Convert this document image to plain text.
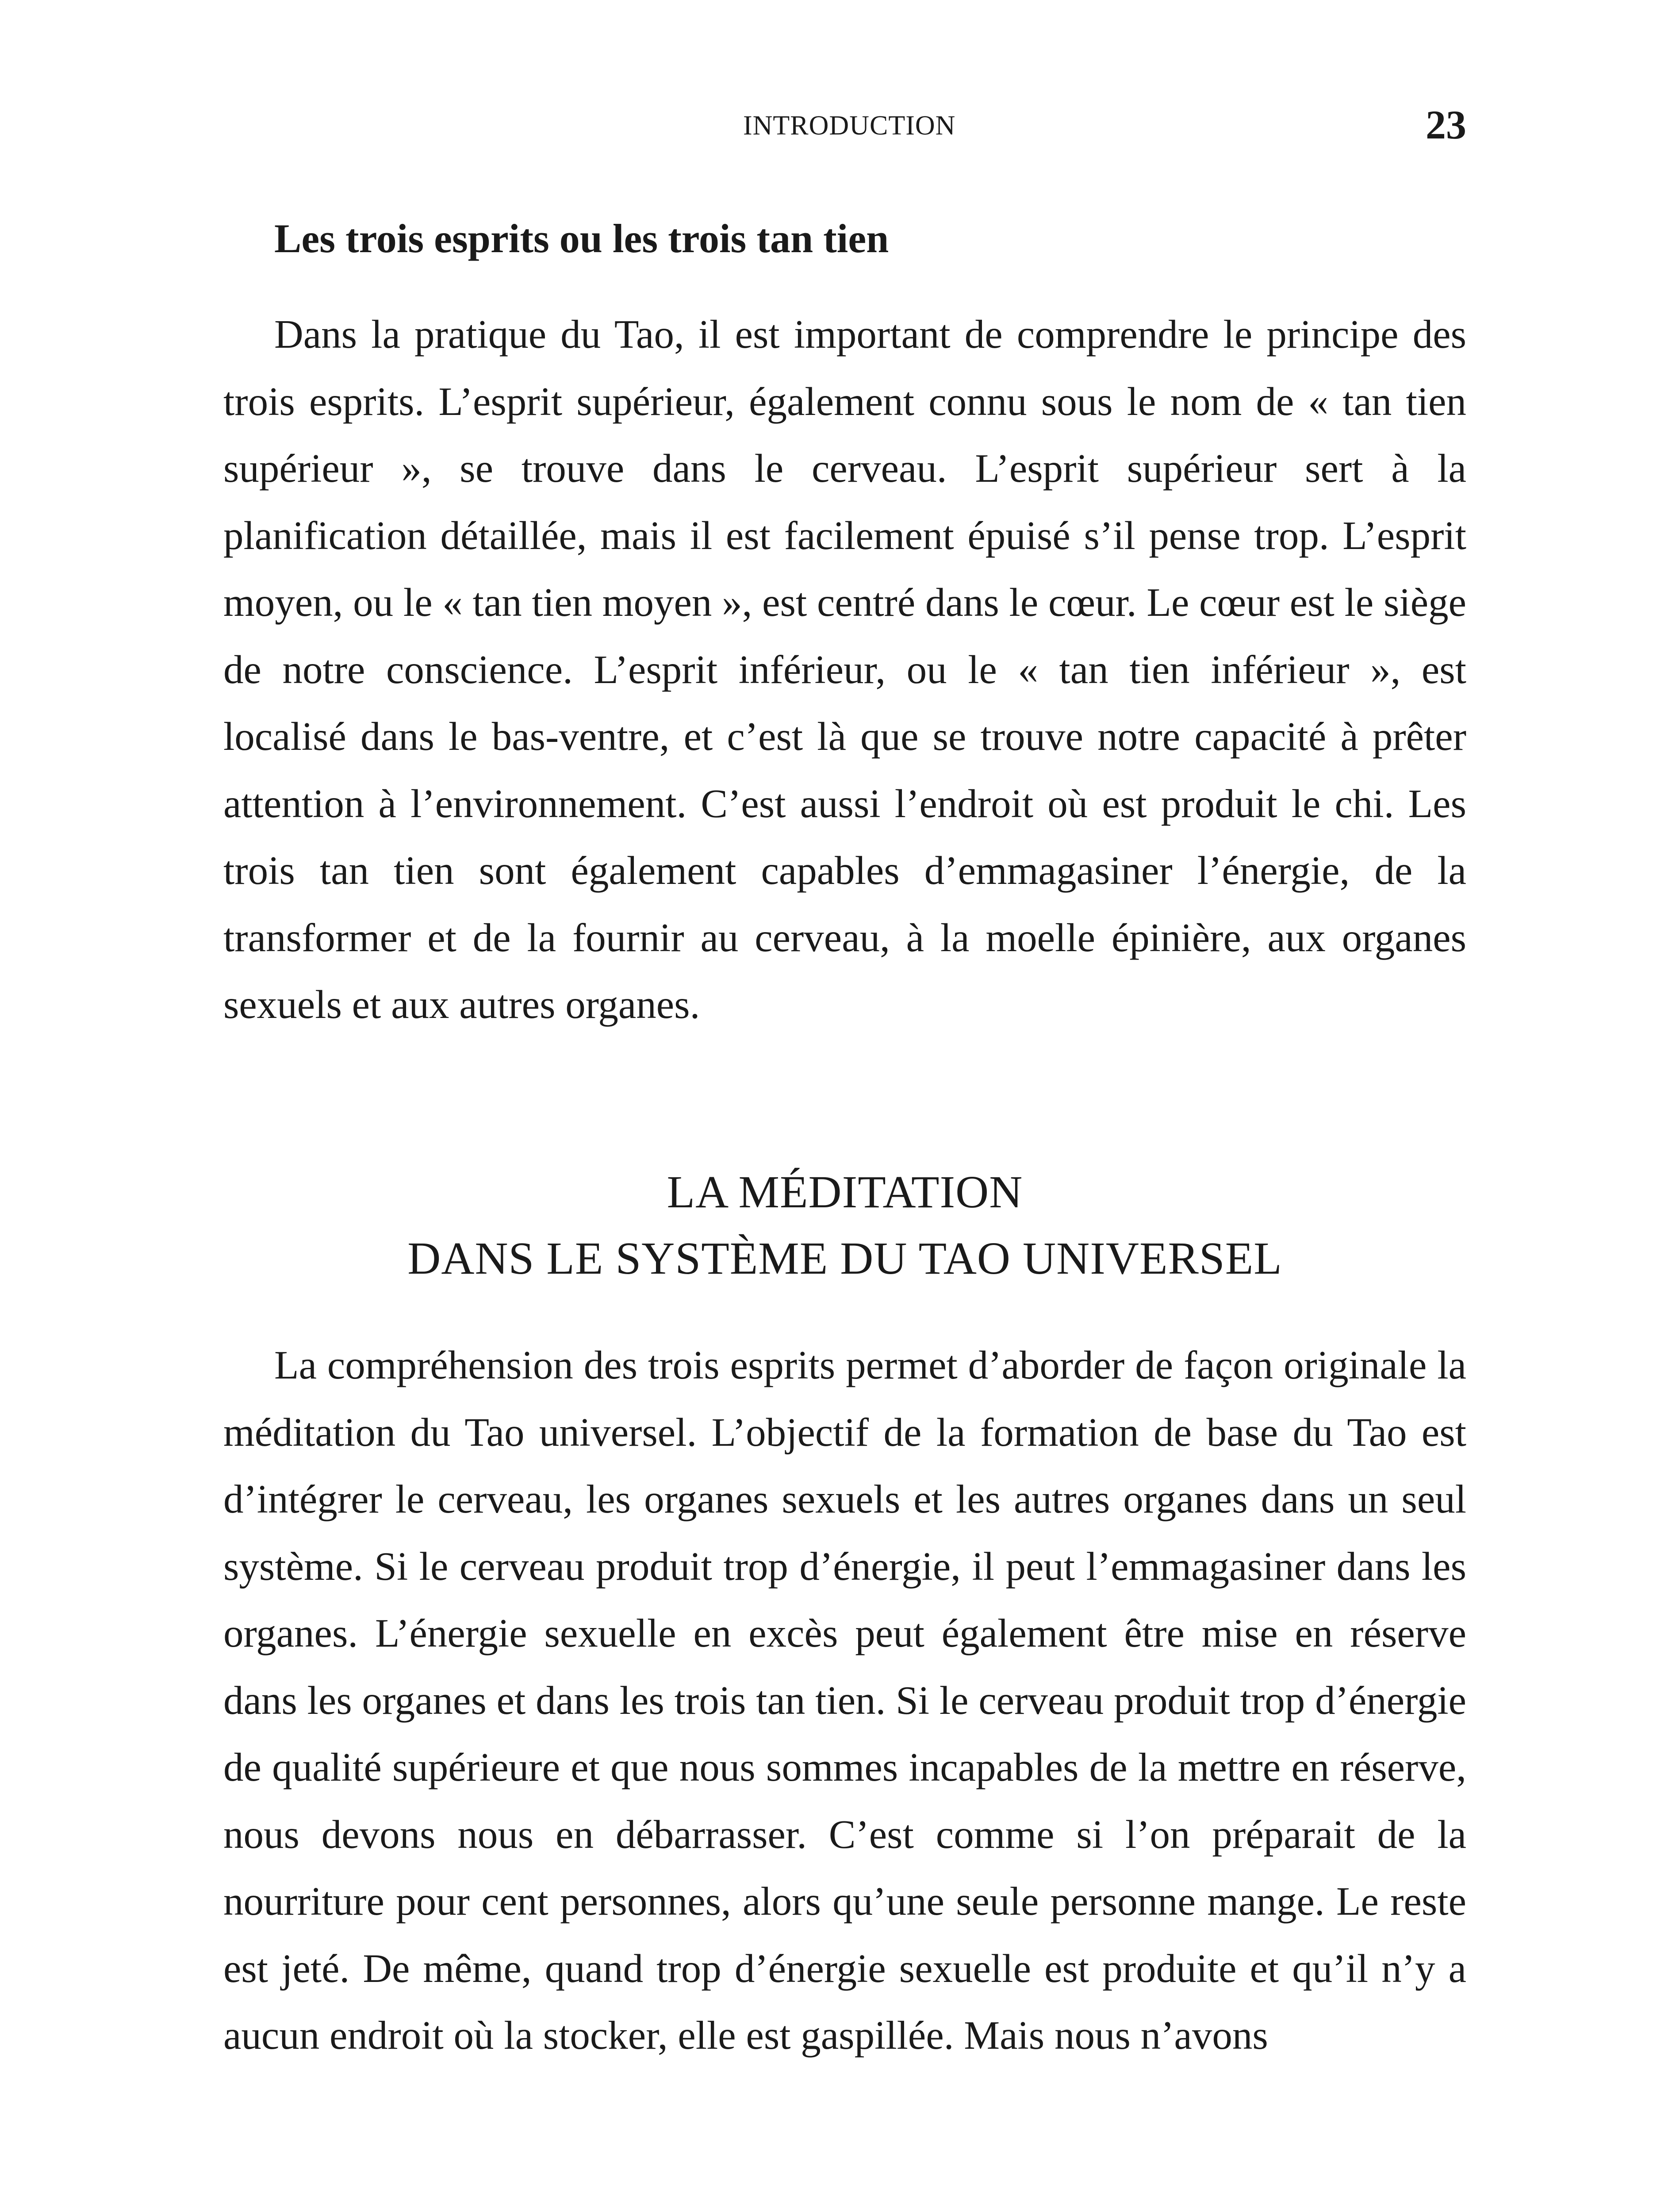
INTRODUCTION	23
Les trois esprits ou les trois tan tien

Dans la pratique du Tao, il est important de comprendre le principe des trois esprits. L’esprit supérieur, également connu sous le nom de « tan tien supérieur », se trouve dans le cerveau. L’esprit supérieur sert à la planification détaillée, mais il est facilement épuisé s’il pense trop. L’esprit moyen, ou le « tan tien moyen », est centré dans le cœur. Le cœur est le siège de notre conscience. L’esprit inférieur, ou le « tan tien inférieur », est localisé dans le bas-ventre, et c’est là que se trouve notre capacité à prêter attention à l’environnement. C’est aussi l’endroit où est produit le chi. Les trois tan tien sont également capables d’emmagasiner l’énergie, de la transformer et de la fournir au cerveau, à la moelle épinière, aux organes sexuels et aux autres organes.

LA MÉDITATION
DANS LE SYSTÈME DU TAO UNIVERSEL

La compréhension des trois esprits permet d’aborder de façon originale la méditation du Tao universel. L’objectif de la formation de base du Tao est d’intégrer le cerveau, les organes sexuels et les autres organes dans un seul système. Si le cerveau produit trop d’énergie, il peut l’emmagasiner dans les organes. L’énergie sexuelle en excès peut également être mise en réserve dans les organes et dans les trois tan tien. Si le cerveau produit trop d’énergie de qualité supérieure et que nous sommes incapables de la mettre en réserve, nous devons nous en débarrasser. C’est comme si l’on préparait de la nourriture pour cent personnes, alors qu’une seule personne mange. Le reste est jeté. De même, quand trop d’énergie sexuelle est produite et qu’il n’y a aucun endroit où la stocker, elle est gaspillée. Mais nous n’avons
